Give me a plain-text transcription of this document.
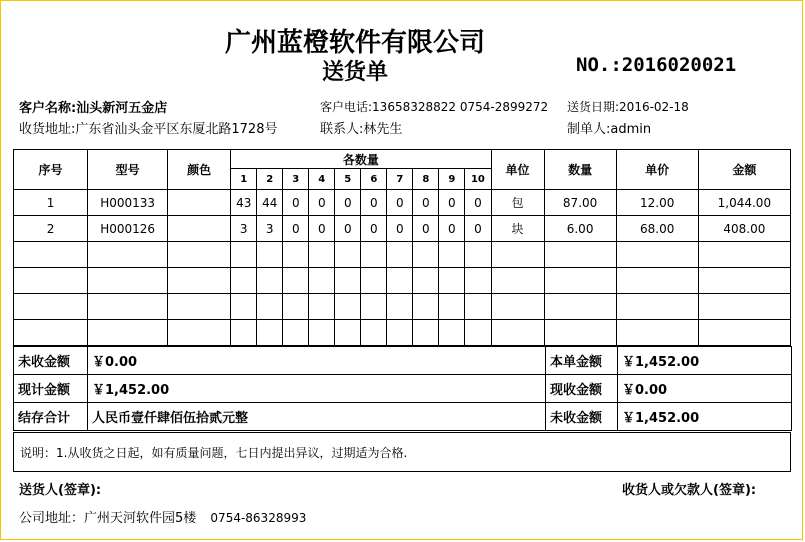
广州蓝橙软件有限公司
送货单	NO.:2016020021
客户名称:汕头新河五金店	客户电话:13658328822 0754-2899272 送货日期:2016-02-18
收货地址:广东省汕头金平区东厦北路1728号	联系人:林先生	制单人:admin
序号	型号	颜色	各数量										单位	数量	单价	金额
			1	2	3	4	5	6	7	8	9	10				
1	H000133		43	44	0	0	0	0	0	0	0	0	包	87.00	12.00	1,044.00
2	H000126		3	3	0	0	0	0	0	0	0	0	块	6.00	68.00	408.00

未收金额	￥0.00	本单金额	￥1,452.00
现计金额	￥1,452.00	现收金额	￥0.00
结存合计	人民币壹仟肆佰伍拾贰元整	未收金额	￥1,452.00
说明：1.从收货之日起，如有质量问题，七日内提出异议，过期适为合格.
送货人(签章):	收货人或欠款人(签章):
公司地址：广州天河软件园5楼 0754-86328993
